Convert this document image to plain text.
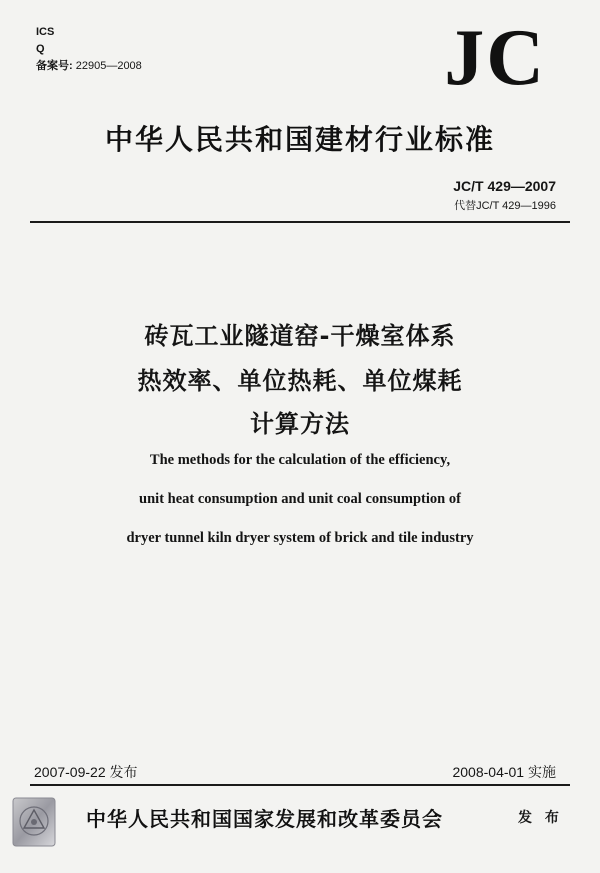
ICS
Q
备案号: 22905—2008	JC
中华人民共和国建材行业标准
JC/T 429—2007
代替JC/T 429—1996
砖瓦工业隧道窑-干燥室体系
热效率、单位热耗、单位煤耗
计算方法
The methods for the calculation of the efficiency,
unit heat consumption and unit coal consumption of
dryer tunnel kiln dryer system of brick and tile industry
2007-09-22 发布	2008-04-01 实施
中华人民共和国国家发展和改革委员会	发 布
